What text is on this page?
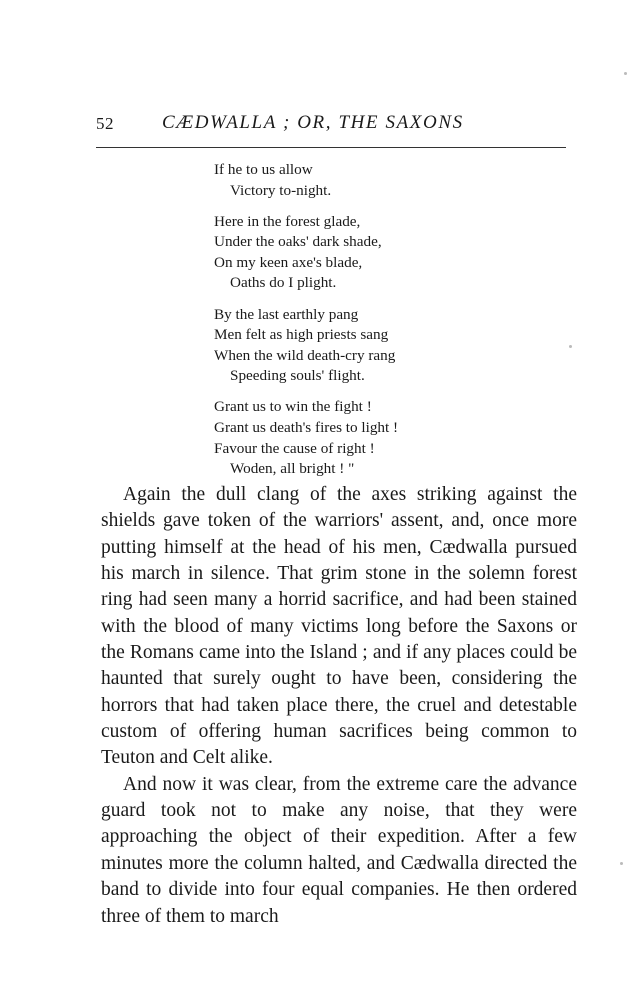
52	CÆDWALLA ; OR, THE SAXONS
If he to us allow
Victory to-night.
Here in the forest glade,
Under the oaks' dark shade,
On my keen axe's blade,
Oaths do I plight.
By the last earthly pang
Men felt as high priests sang
When the wild death-cry rang
Speeding souls' flight.
Grant us to win the fight !
Grant us death's fires to light !
Favour the cause of right !
Woden, all bright ! "

Again the dull clang of the axes striking against the shields gave token of the warriors' assent, and, once more putting himself at the head of his men, Cædwalla pursued his march in silence. That grim stone in the solemn forest ring had seen many a horrid sacrifice, and had been stained with the blood of many victims long before the Saxons or the Romans came into the Island ; and if any places could be haunted that surely ought to have been, considering the horrors that had taken place there, the cruel and detestable custom of offering human sacrifices being common to Teuton and Celt alike.

And now it was clear, from the extreme care the advance guard took not to make any noise, that they were approaching the object of their expedition. After a few minutes more the column halted, and Cædwalla directed the band to divide into four equal companies. He then ordered three of them to march
